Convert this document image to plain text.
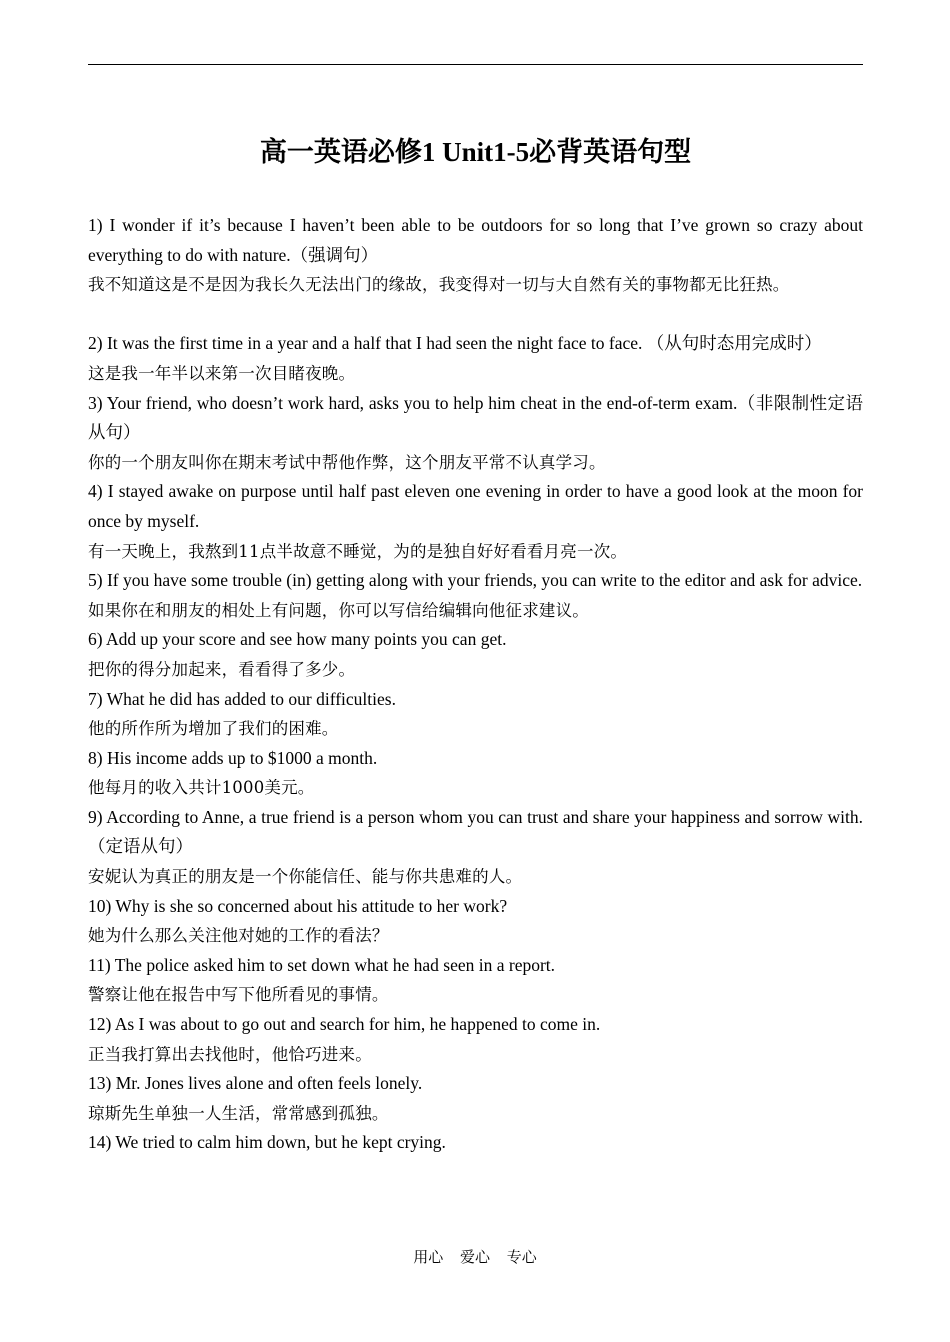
高一英语必修1 Unit1-5必背英语句型

1) I wonder if it’s because I haven’t been able to be outdoors for so long that I’ve grown so crazy about everything to do with nature.（强调句）

我不知道这是不是因为我长久无法出门的缘故，我变得对一切与大自然有关的事物都无比狂热。

2) It was the first time in a year and a half that I had seen the night face to face. （从句时态用完成时）

这是我一年半以来第一次目睹夜晚。

3) Your friend, who doesn’t work hard, asks you to help him cheat in the end-of-term exam.（非限制性定语从句）

你的一个朋友叫你在期末考试中帮他作弊，这个朋友平常不认真学习。

4) I stayed awake on purpose until half past eleven one evening in order to have a good look at the moon for once by myself.

有一天晚上，我熬到11点半故意不睡觉，为的是独自好好看看月亮一次。

5) If you have some trouble (in) getting along with your friends, you can write to the editor and ask for advice.

如果你在和朋友的相处上有问题，你可以写信给编辑向他征求建议。

6) Add up your score and see how many points you can get.

把你的得分加起来，看看得了多少。

7) What he did has added to our difficulties.

他的所作所为增加了我们的困难。

8) His income adds up to $1000 a month.

他每月的收入共计1000美元。

9) According to Anne, a true friend is a person whom you can trust and share your happiness and sorrow with.（定语从句）

安妮认为真正的朋友是一个你能信任、能与你共患难的人。

10) Why is she so concerned about his attitude to her work?

她为什么那么关注他对她的工作的看法？

11) The police asked him to set down what he had seen in a report.

警察让他在报告中写下他所看见的事情。

12) As I was about to go out and search for him, he happened to come in.

正当我打算出去找他时，他恰巧进来。

13) Mr. Jones lives alone and often feels lonely.

琼斯先生单独一人生活，常常感到孤独。

14) We tried to calm him down, but he kept crying.

用心 爱心 专心
